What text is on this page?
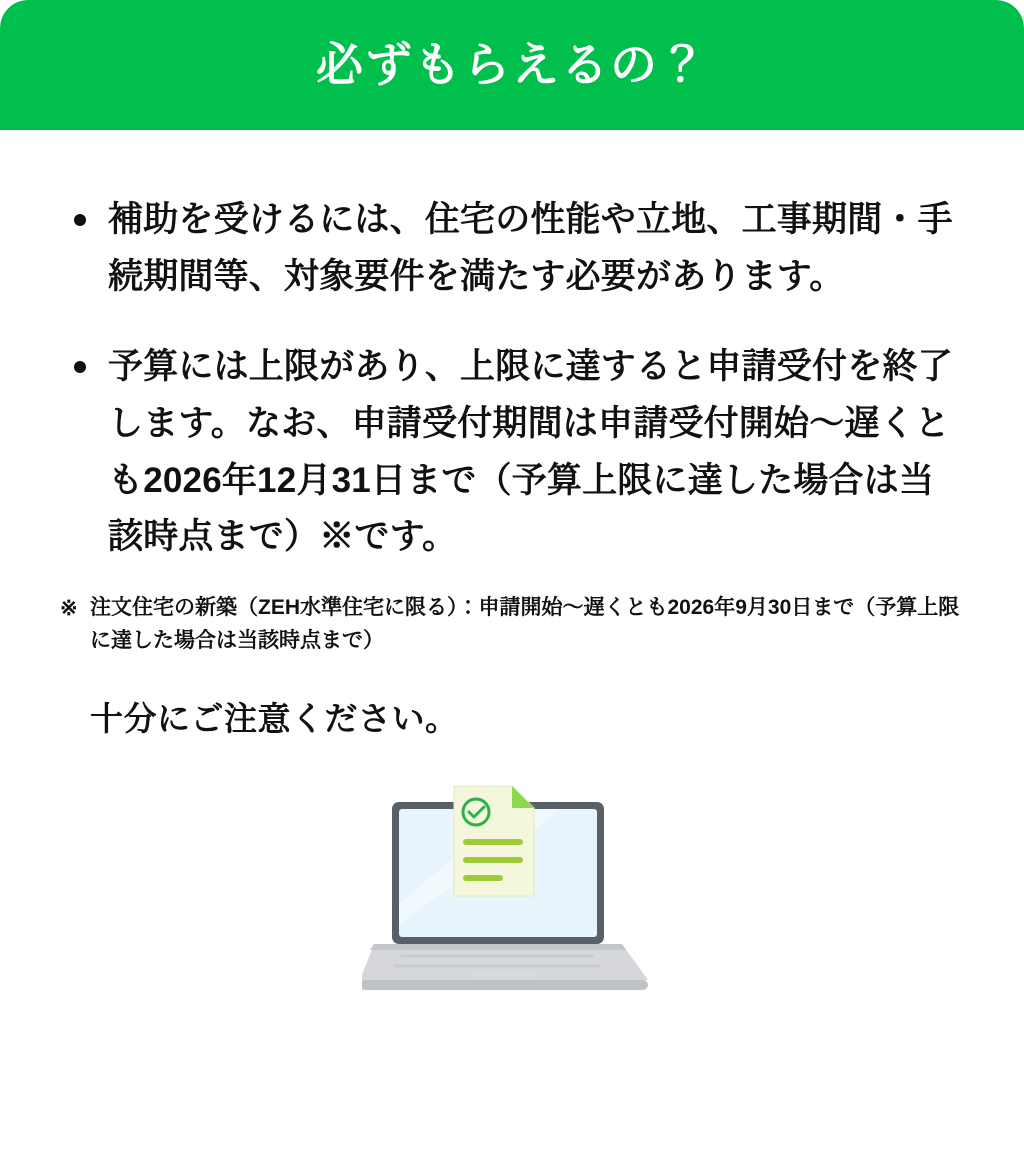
必ずもらえるの？
補助を受けるには、住宅の性能や立地、工事期間・手続期間等、対象要件を満たす必要があります。
予算には上限があり、上限に達すると申請受付を終了します。なお、申請受付期間は申請受付開始〜遅くとも2026年12月31日まで（予算上限に達した場合は当該時点まで）※です。
※ 注文住宅の新築（ZEH水準住宅に限る）：申請開始〜遅くとも2026年9月30日まで（予算上限に達した場合は当該時点まで）
十分にご注意ください。
